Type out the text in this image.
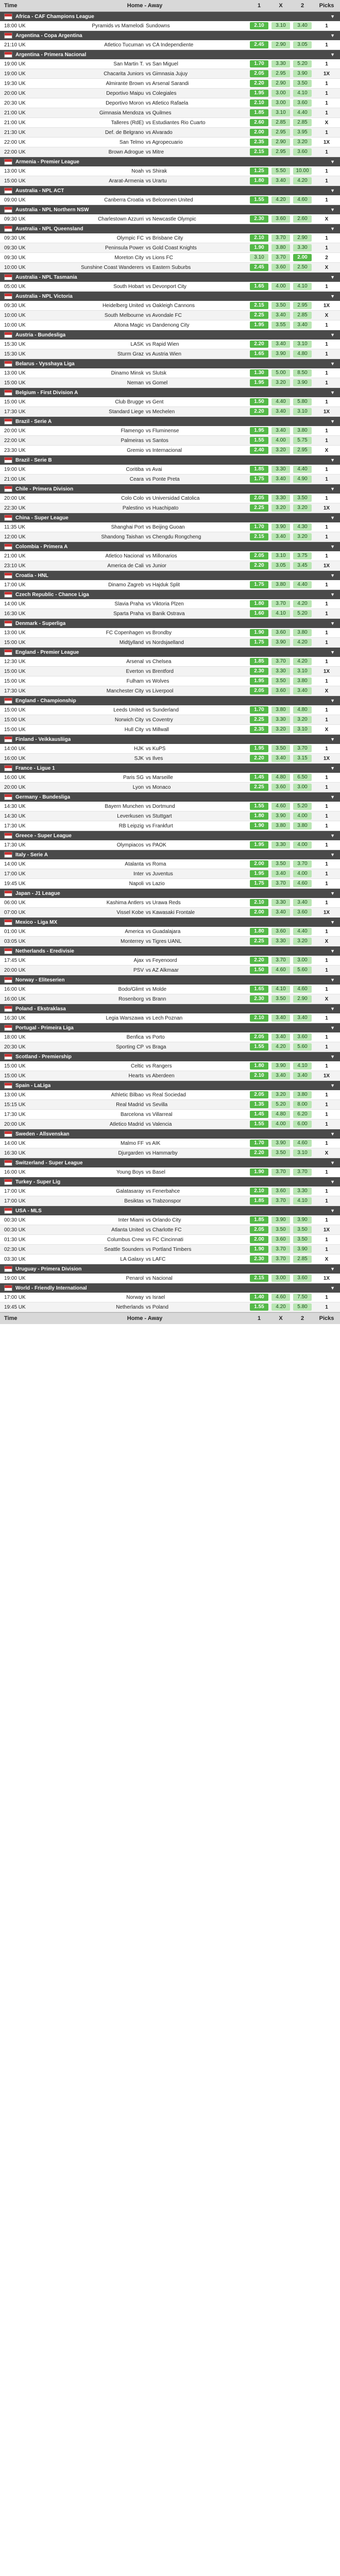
Time	Home - Away	1	X	2	Picks
Africa - CAF Champions League	▼
18:00 UK	Pyramids vs Mamelodi Sundowns	2.10	3.10	3.40	1
Argentina - Copa Argentina	▼
21:10 UK	Atletico Tucuman vs CA Independiente	2.45	2.90	3.05	1
Argentina - Primera Nacional	▼
19:00 UK	San Martin T. vs San Miguel	1.70	3.30	5.20	1
19:00 UK	Chacarita Juniors vs Gimnasia Jujuy	2.05	2.95	3.90	1X
19:30 UK	Almirante Brown vs Arsenal Sarandi	2.20	2.90	3.50	1
20:00 UK	Deportivo Maipu vs Colegiales	1.95	3.00	4.10	1
20:30 UK	Deportivo Moron vs Atletico Rafaela	2.10	3.00	3.60	1
21:00 UK	Gimnasia Mendoza vs Quilmes	1.85	3.10	4.40	1
21:00 UK	Talleres (RdE) vs Estudiantes Rio Cuarto	2.60	2.85	2.85	X
21:30 UK	Def. de Belgrano vs Alvarado	2.00	2.95	3.95	1
22:00 UK	San Telmo vs Agropecuario	2.35	2.90	3.20	1X
22:00 UK	Brown Adrogue vs Mitre	2.15	2.95	3.60	1
Armenia - Premier League	▼
13:00 UK	Noah vs Shirak	1.25	5.50	10.00	1
15:00 UK	Ararat-Armenia vs Urartu	1.80	3.40	4.20	1
Australia - NPL ACT	▼
09:00 UK	Canberra Croatia vs Belconnen United	1.55	4.20	4.60	1
Australia - NPL Northern NSW	▼
09:30 UK	Charlestown Azzurri vs Newcastle Olympic	2.30	3.60	2.60	X
Australia - NPL Queensland	▼
09:30 UK	Olympic FC vs Brisbane City	2.10	3.70	2.90	1
09:30 UK	Peninsula Power vs Gold Coast Knights	1.90	3.80	3.30	1
09:30 UK	Moreton City vs Lions FC	3.10	3.70	2.00	2
10:00 UK	Sunshine Coast Wanderers vs Eastern Suburbs	2.45	3.60	2.50	X
Australia - NPL Tasmania	▼
05:00 UK	South Hobart vs Devonport City	1.65	4.00	4.10	1
Australia - NPL Victoria	▼
09:30 UK	Heidelberg United vs Oakleigh Cannons	2.15	3.50	2.95	1X
10:00 UK	South Melbourne vs Avondale FC	2.25	3.40	2.85	X
10:00 UK	Altona Magic vs Dandenong City	1.95	3.55	3.40	1
Austria - Bundesliga	▼
15:30 UK	LASK vs Rapid Wien	2.20	3.40	3.10	1
15:30 UK	Sturm Graz vs Austria Wien	1.65	3.90	4.80	1
Belarus - Vysshaya Liga	▼
13:00 UK	Dinamo Minsk vs Slutsk	1.30	5.00	8.50	1
15:00 UK	Neman vs Gomel	1.95	3.20	3.90	1
Belgium - First Division A	▼
15:00 UK	Club Brugge vs Gent	1.50	4.40	5.80	1
17:30 UK	Standard Liege vs Mechelen	2.20	3.40	3.10	1X
Brazil - Serie A	▼
20:00 UK	Flamengo vs Fluminense	1.95	3.40	3.80	1
22:00 UK	Palmeiras vs Santos	1.55	4.00	5.75	1
23:30 UK	Gremio vs Internacional	2.40	3.20	2.95	X
Brazil - Serie B	▼
19:00 UK	Coritiba vs Avai	1.85	3.30	4.40	1
21:00 UK	Ceara vs Ponte Preta	1.75	3.40	4.90	1
Chile - Primera Division	▼
20:00 UK	Colo Colo vs Universidad Catolica	2.05	3.30	3.50	1
22:30 UK	Palestino vs Huachipato	2.25	3.20	3.20	1X
China - Super League	▼
11:35 UK	Shanghai Port vs Beijing Guoan	1.70	3.90	4.30	1
12:00 UK	Shandong Taishan vs Chengdu Rongcheng	2.15	3.40	3.20	1
Colombia - Primera A	▼
21:00 UK	Atletico Nacional vs Millonarios	2.05	3.10	3.75	1
23:10 UK	America de Cali vs Junior	2.20	3.05	3.45	1X
Croatia - HNL	▼
17:00 UK	Dinamo Zagreb vs Hajduk Split	1.75	3.80	4.40	1
Czech Republic - Chance Liga	▼
14:00 UK	Slavia Praha vs Viktoria Plzen	1.80	3.70	4.20	1
16:30 UK	Sparta Praha vs Banik Ostrava	1.60	4.10	5.20	1
Denmark - Superliga	▼
13:00 UK	FC Copenhagen vs Brondby	1.90	3.60	3.80	1
15:00 UK	Midtjylland vs Nordsjaelland	1.75	3.90	4.20	1
England - Premier League	▼
12:30 UK	Arsenal vs Chelsea	1.85	3.70	4.20	1
15:00 UK	Everton vs Brentford	2.30	3.30	3.10	1X
15:00 UK	Fulham vs Wolves	1.95	3.50	3.80	1
17:30 UK	Manchester City vs Liverpool	2.05	3.60	3.40	X
England - Championship	▼
15:00 UK	Leeds United vs Sunderland	1.70	3.80	4.80	1
15:00 UK	Norwich City vs Coventry	2.25	3.30	3.20	1
15:00 UK	Hull City vs Millwall	2.35	3.20	3.10	X
Finland - Veikkausliiga	▼
14:00 UK	HJK vs KuPS	1.95	3.50	3.70	1
16:00 UK	SJK vs Ilves	2.20	3.40	3.15	1X
France - Ligue 1	▼
16:00 UK	Paris SG vs Marseille	1.45	4.80	6.50	1
20:00 UK	Lyon vs Monaco	2.25	3.60	3.00	1
Germany - Bundesliga	▼
14:30 UK	Bayern Munchen vs Dortmund	1.55	4.60	5.20	1
14:30 UK	Leverkusen vs Stuttgart	1.80	3.90	4.00	1
17:30 UK	RB Leipzig vs Frankfurt	1.90	3.80	3.80	1
Greece - Super League	▼
17:30 UK	Olympiacos vs PAOK	1.95	3.30	4.00	1
Italy - Serie A	▼
14:00 UK	Atalanta vs Roma	2.00	3.50	3.70	1
17:00 UK	Inter vs Juventus	1.95	3.40	4.00	1
19:45 UK	Napoli vs Lazio	1.75	3.70	4.60	1
Japan - J1 League	▼
06:00 UK	Kashima Antlers vs Urawa Reds	2.10	3.30	3.40	1
07:00 UK	Vissel Kobe vs Kawasaki Frontale	2.00	3.40	3.60	1X
Mexico - Liga MX	▼
01:00 UK	America vs Guadalajara	1.80	3.60	4.40	1
03:05 UK	Monterrey vs Tigres UANL	2.25	3.30	3.20	X
Netherlands - Eredivisie	▼
17:45 UK	Ajax vs Feyenoord	2.20	3.70	3.00	1
20:00 UK	PSV vs AZ Alkmaar	1.50	4.60	5.60	1
Norway - Eliteserien	▼
16:00 UK	Bodo/Glimt vs Molde	1.65	4.10	4.60	1
16:00 UK	Rosenborg vs Brann	2.30	3.50	2.90	X
Poland - Ekstraklasa	▼
16:30 UK	Legia Warszawa vs Lech Poznan	2.10	3.40	3.40	1
Portugal - Primeira Liga	▼
18:00 UK	Benfica vs Porto	2.05	3.40	3.60	1
20:30 UK	Sporting CP vs Braga	1.55	4.20	5.60	1
Scotland - Premiership	▼
15:00 UK	Celtic vs Rangers	1.80	3.90	4.10	1
15:00 UK	Hearts vs Aberdeen	2.10	3.40	3.40	1X
Spain - LaLiga	▼
13:00 UK	Athletic Bilbao vs Real Sociedad	2.05	3.20	3.80	1
15:15 UK	Real Madrid vs Sevilla	1.35	5.20	8.00	1
17:30 UK	Barcelona vs Villarreal	1.45	4.80	6.20	1
20:00 UK	Atletico Madrid vs Valencia	1.55	4.00	6.00	1
Sweden - Allsvenskan	▼
14:00 UK	Malmo FF vs AIK	1.70	3.90	4.60	1
16:30 UK	Djurgarden vs Hammarby	2.20	3.50	3.10	X
Switzerland - Super League	▼
16:00 UK	Young Boys vs Basel	1.90	3.70	3.70	1
Turkey - Super Lig	▼
17:00 UK	Galatasaray vs Fenerbahce	2.10	3.60	3.30	1
17:00 UK	Besiktas vs Trabzonspor	1.85	3.70	4.10	1
USA - MLS	▼
00:30 UK	Inter Miami vs Orlando City	1.85	3.90	3.90	1
00:30 UK	Atlanta United vs Charlotte FC	2.05	3.50	3.50	1X
01:30 UK	Columbus Crew vs FC Cincinnati	2.00	3.60	3.50	1
02:30 UK	Seattle Sounders vs Portland Timbers	1.90	3.70	3.90	1
03:30 UK	LA Galaxy vs LAFC	2.30	3.70	2.85	X
Uruguay - Primera Division	▼
19:00 UK	Penarol vs Nacional	2.15	3.00	3.60	1X
World - Friendly International	▼
17:00 UK	Norway vs Israel	1.40	4.60	7.50	1
19:45 UK	Netherlands vs Poland	1.55	4.20	5.80	1
Time	Home - Away	1	X	2	Picks
